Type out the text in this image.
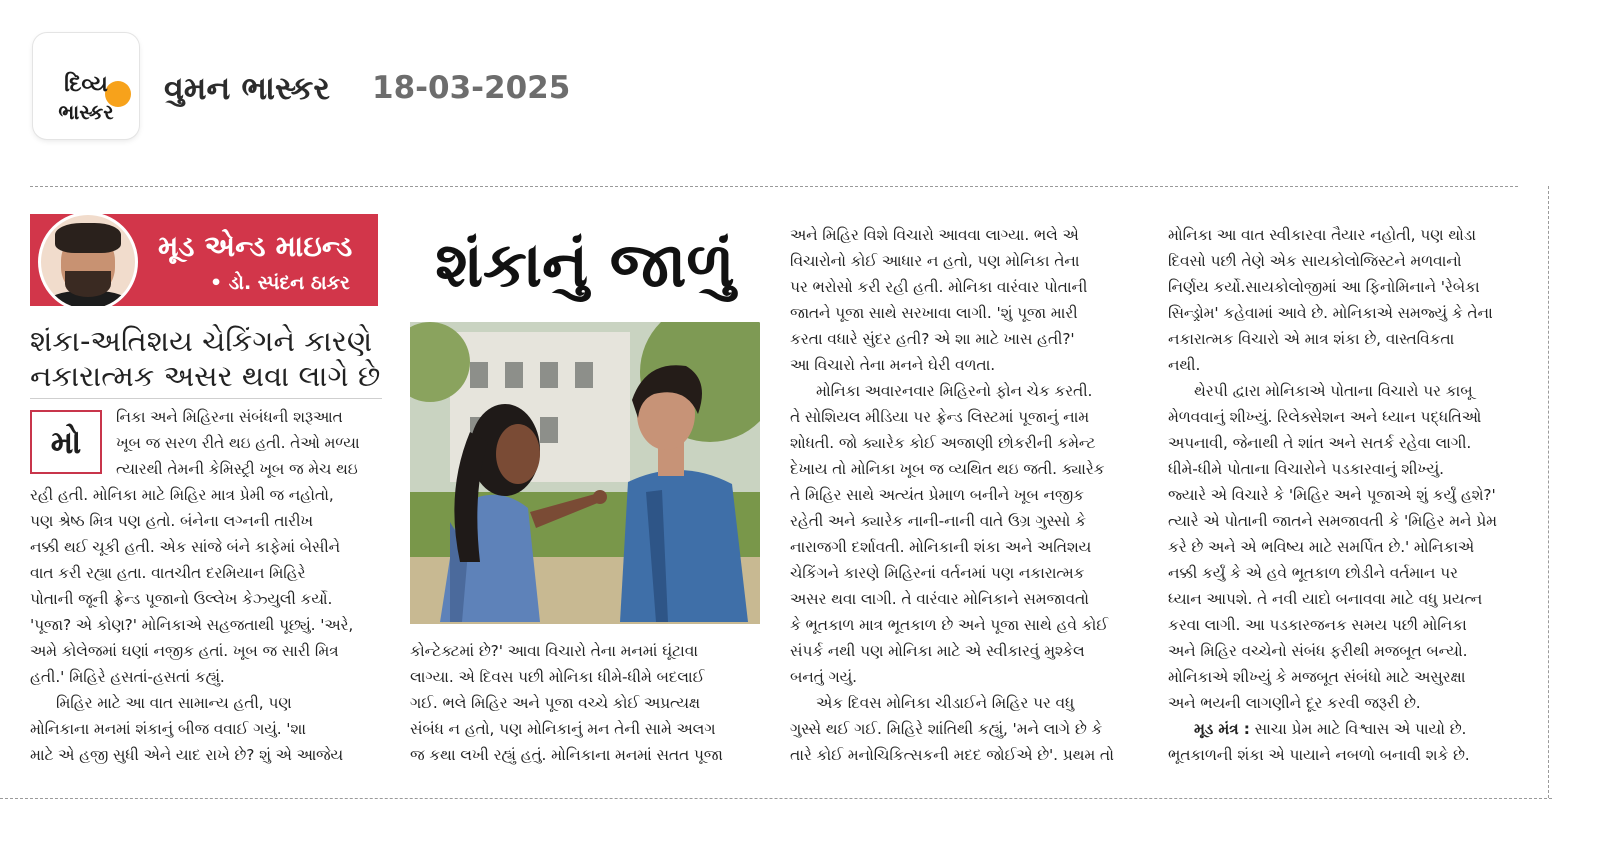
દિવ્ય
ભાસ્કર
વુમન ભાસ્કર 18-03-2025
મૂડ એન્ડ માઇન્ડ
• ડો. સ્પંદન ઠાકર
શંકા-અતિશય ચેકિંગને કારણે
નકારાત્મક અસર થવા લાગે છે
મો
નિકા અને મિહિરના સંબંધની શરૂઆત
ખૂબ જ સરળ રીતે થઇ હતી. તેઓ મળ્યા
ત્યારથી તેમની કેમિસ્ટ્રી ખૂબ જ મેચ થઇ
રહી હતી. મોનિકા માટે મિહિર માત્ર પ્રેમી જ નહોતો,
પણ શ્રેષ્ઠ મિત્ર પણ હતો. બંનેના લગ્નની તારીખ
નક્કી થઈ ચૂકી હતી. એક સાંજે બંને કાફેમાં બેસીને
વાત કરી રહ્યા હતા. વાતચીત દરમિયાન મિહિરે
પોતાની જૂની ફ્રેન્ડ પૂજાનો ઉલ્લેખ કેઝ્યુલી કર્યો.
'પૂજા? એ કોણ?' મોનિકાએ સહજતાથી પૂછ્યું. 'અરે,
અમે કોલેજમાં ઘણાં નજીક હતાં. ખૂબ જ સારી મિત્ર
હતી.' મિહિરે હસતાં-હસતાં કહ્યું.
મિહિર માટે આ વાત સામાન્ય હતી, પણ
મોનિકાના મનમાં શંકાનું બીજ વવાઈ ગયું. 'શા
માટે એ હજી સુધી એને યાદ રાખે છે? શું એ આજેય
શંકાનું જાળું
કોન્ટેક્ટમાં છે?' આવા વિચારો તેના મનમાં ઘૂંટાવા
લાગ્યા. એ દિવસ પછી મોનિકા ધીમે-ધીમે બદલાઈ
ગઈ. ભલે મિહિર અને પૂજા વચ્ચે કોઈ અપ્રત્યક્ષ
સંબંધ ન હતો, પણ મોનિકાનું મન તેની સામે અલગ
જ કથા લખી રહ્યું હતું. મોનિકાના મનમાં સતત પૂજા
અને મિહિર વિશે વિચારો આવવા લાગ્યા. ભલે એ
વિચારોનો કોઈ આધાર ન હતો, પણ મોનિકા તેના
પર ભરોસો કરી રહી હતી. મોનિકા વારંવાર પોતાની
જાતને પૂજા સાથે સરખાવા લાગી. 'શું પૂજા મારી
કરતા વધારે સુંદર હતી? એ શા માટે ખાસ હતી?'
આ વિચારો તેના મનને ઘેરી વળતા.
મોનિકા અવારનવાર મિહિરનો ફોન ચેક કરતી.
તે સોશિયલ મીડિયા પર ફ્રેન્ડ લિસ્ટમાં પૂજાનું નામ
શોધતી. જો ક્યારેક કોઈ અજાણી છોકરીની કમેન્ટ
દેખાય તો મોનિકા ખૂબ જ વ્યથિત થઇ જતી. ક્યારેક
તે મિહિર સાથે અત્યંત પ્રેમાળ બનીને ખૂબ નજીક
રહેતી અને ક્યારેક નાની-નાની વાતે ઉગ્ર ગુસ્સો કે
નારાજગી દર્શાવતી. મોનિકાની શંકા અને અતિશય
ચેકિંગને કારણે મિહિરનાં વર્તનમાં પણ નકારાત્મક
અસર થવા લાગી. તે વારંવાર મોનિકાને સમજાવતો
કે ભૂતકાળ માત્ર ભૂતકાળ છે અને પૂજા સાથે હવે કોઈ
સંપર્ક નથી પણ મોનિકા માટે એ સ્વીકારવું મુશ્કેલ
બનતું ગયું.
એક દિવસ મોનિકા ચીડાઈને મિહિર પર વધુ
ગુસ્સે થઈ ગઈ. મિહિરે શાંતિથી કહ્યું, 'મને લાગે છે કે
તારે કોઈ મનોચિકિત્સકની મદદ જોઈએ છે'. પ્રથમ તો
મોનિકા આ વાત સ્વીકારવા તૈયાર નહોતી, પણ થોડા
દિવસો પછી તેણે એક સાયકોલોજિસ્ટને મળવાનો
નિર્ણય કર્યો.સાયકોલોજીમાં આ ફિનોમિનાને 'રેબેકા
સિન્ડ્રોમ' કહેવામાં આવે છે. મોનિકાએ સમજ્યું કે તેના
નકારાત્મક વિચારો એ માત્ર શંકા છે, વાસ્તવિકતા
નથી.
થેરપી દ્વારા મોનિકાએ પોતાના વિચારો પર કાબૂ
મેળવવાનું શીખ્યું. રિલેક્સેશન અને ધ્યાન પદ્ધતિઓ
અપનાવી, જેનાથી તે શાંત અને સતર્ક રહેવા લાગી.
ધીમે-ધીમે પોતાના વિચારોને પડકારવાનું શીખ્યું.
જ્યારે એ વિચારે કે 'મિહિર અને પૂજાએ શું કર્યું હશે?'
ત્યારે એ પોતાની જાતને સમજાવતી કે 'મિહિર મને પ્રેમ
કરે છે અને એ ભવિષ્ય માટે સમર્પિત છે.' મોનિકાએ
નક્કી કર્યું કે એ હવે ભૂતકાળ છોડીને વર્તમાન પર
ધ્યાન આપશે. તે નવી યાદો બનાવવા માટે વધુ પ્રયત્ન
કરવા લાગી. આ પડકારજનક સમય પછી મોનિકા
અને મિહિર વચ્ચેનો સંબંધ ફરીથી મજબૂત બન્યો.
મોનિકાએ શીખ્યું કે મજબૂત સંબંધો માટે અસુરક્ષા
અને ભયની લાગણીને દૂર કરવી જરૂરી છે.
મૂડ મંત્ર : સાચા પ્રેમ માટે વિશ્વાસ એ પાયો છે.
ભૂતકાળની શંકા એ પાયાને નબળો બનાવી શકે છે.
